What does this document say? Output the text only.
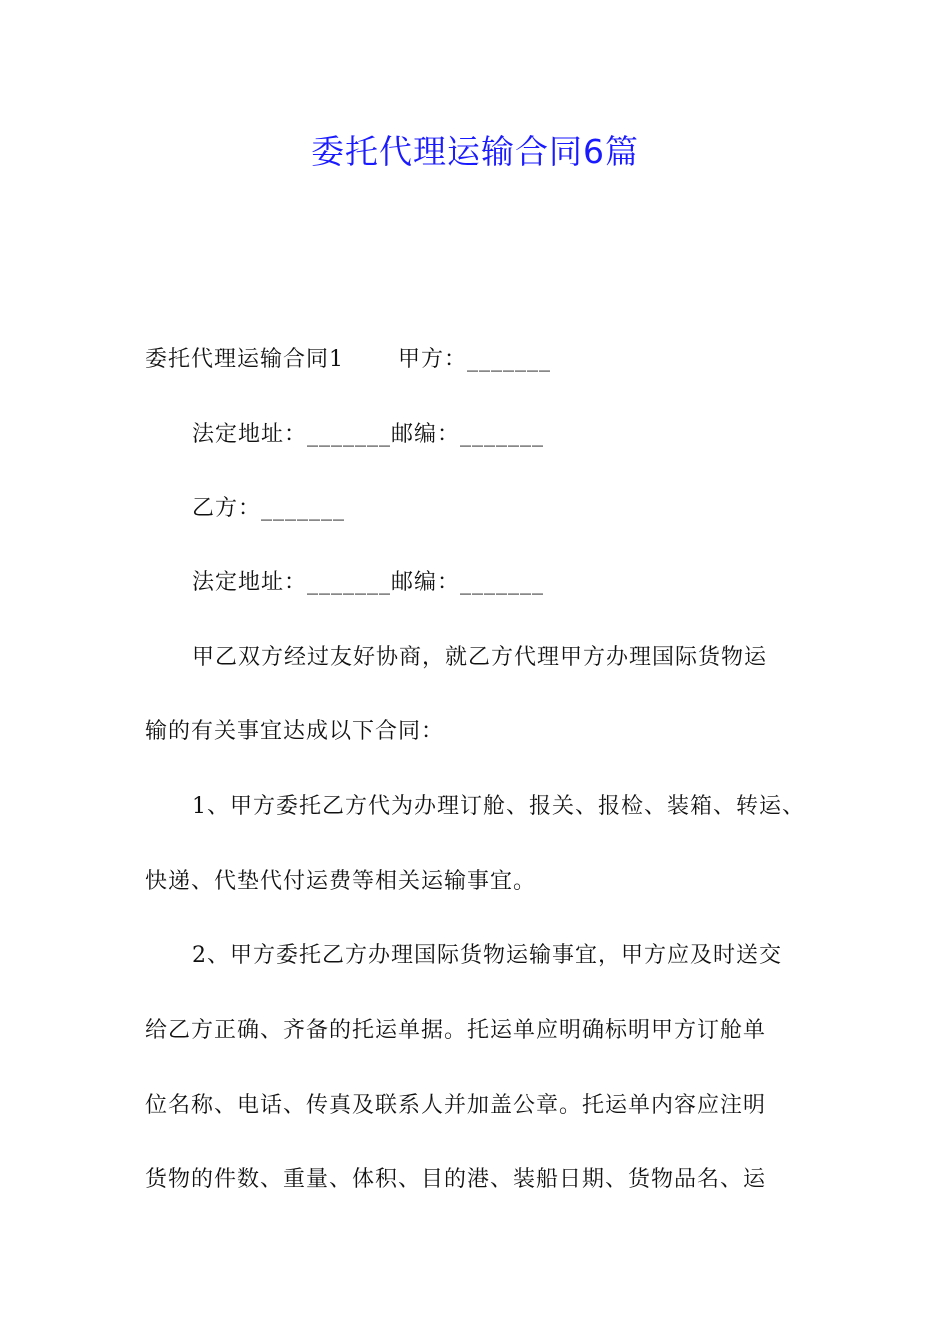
委托代理运输合同6篇
委托代理运输合同1 甲方：_______
法定地址：_______邮编：_______
乙方：_______
法定地址：_______邮编：_______
甲乙双方经过友好协商，就乙方代理甲方办理国际货物运
输的有关事宜达成以下合同：
1、甲方委托乙方代为办理订舱、报关、报检、装箱、转运、
快递、代垫代付运费等相关运输事宜。
2、甲方委托乙方办理国际货物运输事宜，甲方应及时送交
给乙方正确、齐备的托运单据。托运单应明确标明甲方订舱单
位名称、电话、传真及联系人并加盖公章。托运单内容应注明
货物的件数、重量、体积、目的港、装船日期、货物品名、运
